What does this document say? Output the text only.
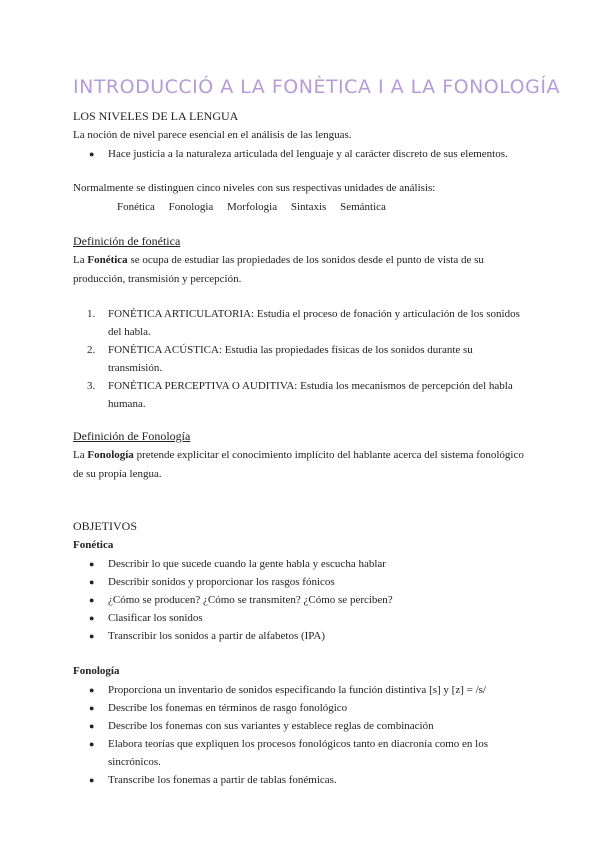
INTRODUCCIÓ A LA FONÈTICA I A LA FONOLOGÍA

LOS NIVELES DE LA LENGUA

La noción de nivel parece esencial en el análisis de las lenguas.

● Hace justicia a la naturaleza articulada del lenguaje y al carácter discreto de sus elementos.

Normalmente se distinguen cinco niveles con sus respectivas unidades de análisis:

Fonética Fonologia Morfologia Sintaxis Semántica

Definición de fonética

La Fonética se ocupa de estudiar las propiedades de los sonidos desde el punto de vista de su

producción, transmisión y percepción.

1. FONÉTICA ARTICULATORIA: Estudia el proceso de fonación y articulación de los sonidos
del habla.
2. FONÉTICA ACÚSTICA: Estudia las propiedades físicas de los sonidos durante su
transmisión.
3. FONÉTICA PERCEPTIVA O AUDITIVA: Estudia los mecanismos de percepción del habla
humana.

Definición de Fonología

La Fonología pretende explicitar el conocimiento implícito del hablante acerca del sistema fonológico

de su propia lengua.

OBJETIVOS

Fonética

● Describir lo que sucede cuando la gente habla y escucha hablar
● Describir sonidos y proporcionar los rasgos fónicos
● ¿Cómo se producen? ¿Cómo se transmiten? ¿Cómo se perciben?
● Clasificar los sonidos
● Transcribir los sonidos a partir de alfabetos (IPA)

Fonología

● Proporciona un inventario de sonidos especificando la función distintiva [s] y [z] = /s/
● Describe los fonemas en términos de rasgo fonológico
● Describe los fonemas con sus variantes y establece reglas de combinación
● Elabora teorías que expliquen los procesos fonológicos tanto en diacronía como en los
sincrónicos.
● Transcribe los fonemas a partir de tablas fonémicas.
